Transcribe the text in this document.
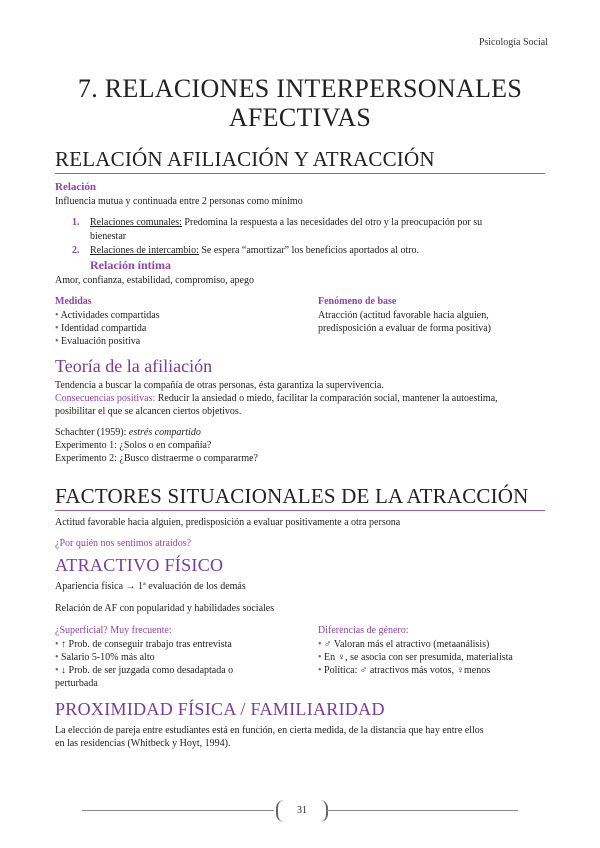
Psicología Social
7. RELACIONES INTERPERSONALES
AFECTIVAS
RELACIÓN AFILIACIÓN Y ATRACCIÓN
Relación
Influencia mutua y continuada entre 2 personas como mínimo
1. Relaciones comunales: Predomina la respuesta a las necesidades del otro y la preocupación por su
bienestar
2. Relaciones de intercambio: Se espera “amortizar” los beneficios aportados al otro.
Relación íntima
Amor, confianza, estabilidad, compromiso, apego
Medidas
• Actividades compartidas
• Identidad compartida
• Evaluación positiva
Fenómeno de base
Atracción (actitud favorable hacia alguien,
predisposición a evaluar de forma positiva)
Teoría de la afiliación
Tendencia a buscar la compañía de otras personas, ésta garantiza la supervivencia.
Consecuencias positivas: Reducir la ansiedad o miedo, facilitar la comparación social, mantener la autoestima,
posibilitar el que se alcancen ciertos objetivos.
Schachter (1959): estrés compartido
Experimento 1: ¿Solos o en compañía?
Experimento 2: ¿Busco distraerme o compararme?
FACTORES SITUACIONALES DE LA ATRACCIÓN
Actitud favorable hacia alguien, predisposición a evaluar positivamente a otra persona
¿Por quién nos sentimos atraídos?
ATRACTIVO FÍSICO
Apariencia física → 1ª evaluación de los demás
Relación de AF con popularidad y habilidades sociales
¿Superficial? Muy frecuente:
• ↑ Prob. de conseguir trabajo tras entrevista
• Salario 5-10% más alto
• ↓ Prob. de ser juzgada como desadaptada o
perturbada
Diferencias de género:
• ♂ Valoran más el atractivo (metaanálisis)
• En ♀, se asocia con ser presumida, materialista
• Política: ♂ atractivos más votos, ♀menos
PROXIMIDAD FÍSICA / FAMILIARIDAD
La elección de pareja entre estudiantes está en función, en cierta medida, de la distancia que hay entre ellos
en las residencias (Whitbeck y Hoyt, 1994).
31
